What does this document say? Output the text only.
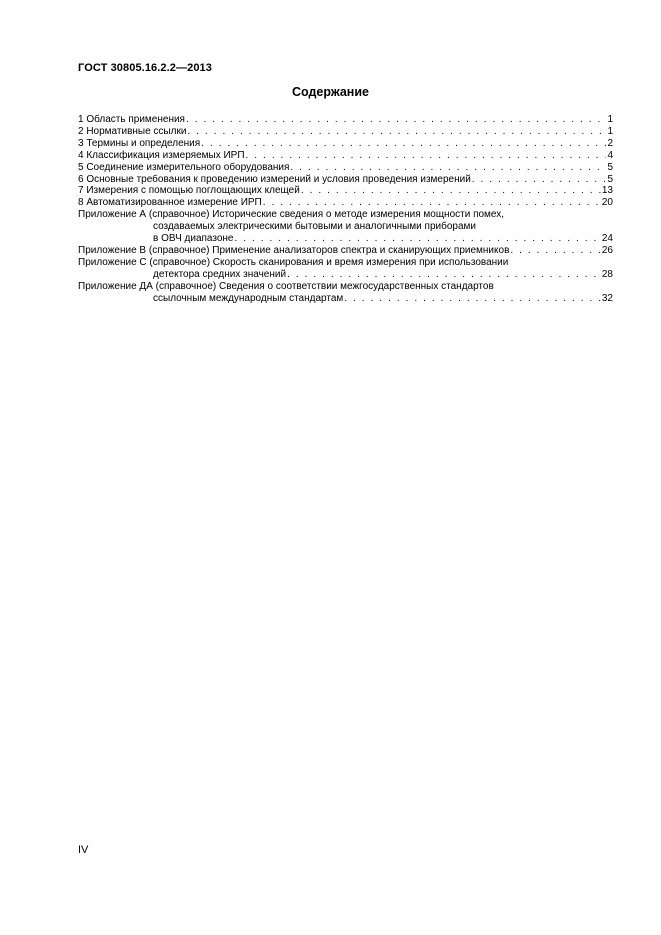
ГОСТ 30805.16.2.2—2013
Содержание
1 Область применения . . .	1
2 Нормативные ссылки . . .	1
3 Термины и определения . . .	2
4 Классификация измеряемых ИРП . . .	4
5 Соединение измерительного оборудования . . .	5
6 Основные требования к проведению измерений и условия проведения измерений . . .	5
7 Измерения с помощью поглощающих клещей . . .	13
8 Автоматизированное измерение ИРП . . .	20
Приложение А (справочное) Исторические сведения о методе измерения мощности помех,
создаваемых электрическими бытовыми и аналогичными приборами
в ОВЧ диапазоне . . .	24
Приложение В (справочное) Применение анализаторов спектра и сканирующих приемников . . .	26
Приложение С (справочное) Скорость сканирования и время измерения при использовании
детектора средних значений . . .	28
Приложение ДА (справочное) Сведения о соответствии межгосударственных стандартов
ссылочным международным стандартам . . .	32
IV
